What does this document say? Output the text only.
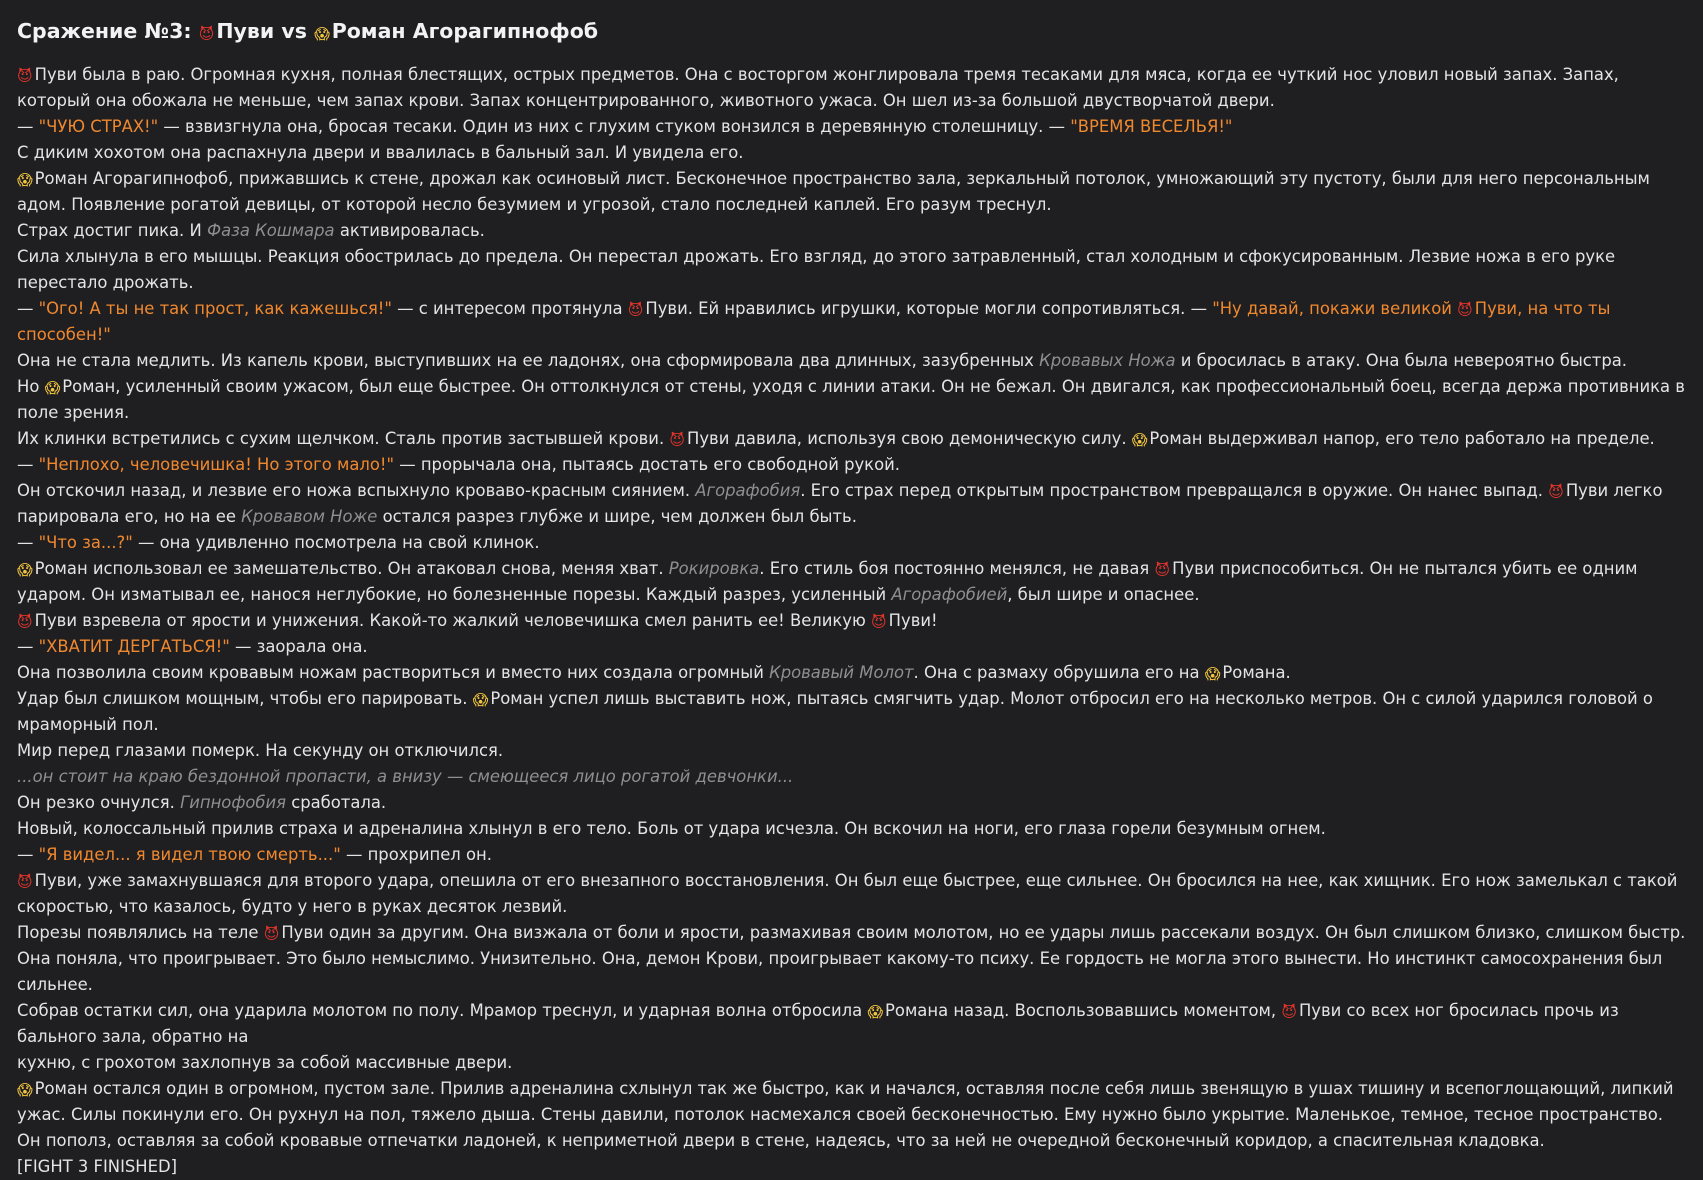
Сражение №3: 😈Пуви vs 😱Роман Агорагипнофоб

😈 Пуви была в раю. Огромная кухня, полная блестящих, острых предметов. Она с восторгом жонглировала тремя тесаками для мяса, когда ее чуткий нос уловил новый запах. Запах, который она обожала не меньше, чем запах крови. Запах концентрированного, животного ужаса. Он шел из-за большой двустворчатой двери.

— "ЧУЮ СТРАХ!" — взвизгнула она, бросая тесаки. Один из них с глухим стуком вонзился в деревянную столешницу. — "ВРЕМЯ ВЕСЕЛЬЯ!"

С диким хохотом она распахнула двери и ввалилась в бальный зал. И увидела его.

😱 Роман Агорагипнофоб, прижавшись к стене, дрожал как осиновый лист. Бесконечное пространство зала, зеркальный потолок, умножающий эту пустоту, были для него персональным адом. Появление рогатой девицы, от которой несло безумием и угрозой, стало последней каплей. Его разум треснул.

Страх достиг пика. И Фаза Кошмара активировалась.

Сила хлынула в его мышцы. Реакция обострилась до предела. Он перестал дрожать. Его взгляд, до этого затравленный, стал холодным и сфокусированным. Лезвие ножа в его руке перестало дрожать.

— "Ого! А ты не так прост, как кажешься!" — с интересом протянула 😈 Пуви. Ей нравились игрушки, которые могли сопротивляться. — "Ну давай, покажи великой 😈 Пуви, на что ты способен!"

Она не стала медлить. Из капель крови, выступивших на ее ладонях, она сформировала два длинных, зазубренных Кровавых Ножа и бросилась в атаку. Она была невероятно быстра.

Но 😱 Роман, усиленный своим ужасом, был еще быстрее. Он оттолкнулся от стены, уходя с линии атаки. Он не бежал. Он двигался, как профессиональный боец, всегда держа противника в поле зрения.

Их клинки встретились с сухим щелчком. Сталь против застывшей крови. 😈 Пуви давила, используя свою демоническую силу. 😱 Роман выдерживал напор, его тело работало на пределе.

— "Неплохо, человечишка! Но этого мало!" — прорычала она, пытаясь достать его свободной рукой.

Он отскочил назад, и лезвие его ножа вспыхнуло кроваво-красным сиянием. Агорафобия. Его страх перед открытым пространством превращался в оружие. Он нанес выпад. 😈 Пуви легко парировала его, но на ее Кровавом Ноже остался разрез глубже и шире, чем должен был быть.

— "Что за...?" — она удивленно посмотрела на свой клинок.

😱 Роман использовал ее замешательство. Он атаковал снова, меняя хват. Рокировка. Его стиль боя постоянно менялся, не давая 😈 Пуви приспособиться. Он не пытался убить ее одним ударом. Он изматывал ее, нанося неглубокие, но болезненные порезы. Каждый разрез, усиленный Агорафобией, был шире и опаснее.

😈 Пуви взревела от ярости и унижения. Какой-то жалкий человечишка смел ранить ее! Великую 😈 Пуви!

— "ХВАТИТ ДЕРГАТЬСЯ!" — заорала она.

Она позволила своим кровавым ножам раствориться и вместо них создала огромный Кровавый Молот. Она с размаху обрушила его на 😱 Романа.

Удар был слишком мощным, чтобы его парировать. 😱 Роман успел лишь выставить нож, пытаясь смягчить удар. Молот отбросил его на несколько метров. Он с силой ударился головой о мраморный пол.

Мир перед глазами померк. На секунду он отключился.

...он стоит на краю бездонной пропасти, а внизу — смеющееся лицо рогатой девчонки...

Он резко очнулся. Гипнофобия сработала.

Новый, колоссальный прилив страха и адреналина хлынул в его тело. Боль от удара исчезла. Он вскочил на ноги, его глаза горели безумным огнем.

— "Я видел... я видел твою смерть..." — прохрипел он.

😈 Пуви, уже замахнувшаяся для второго удара, опешила от его внезапного восстановления. Он был еще быстрее, еще сильнее. Он бросился на нее, как хищник. Его нож замелькал с такой скоростью, что казалось, будто у него в руках десяток лезвий.

Порезы появлялись на теле 😈 Пуви один за другим. Она визжала от боли и ярости, размахивая своим молотом, но ее удары лишь рассекали воздух. Он был слишком близко, слишком быстр.

Она поняла, что проигрывает. Это было немыслимо. Унизительно. Она, демон Крови, проигрывает какому-то психу. Ее гордость не могла этого вынести. Но инстинкт самосохранения был сильнее.

Собрав остатки сил, она ударила молотом по полу. Мрамор треснул, и ударная волна отбросила 😱 Романа назад. Воспользовавшись моментом, 😈 Пуви со всех ног бросилась прочь из бального зала, обратно на

кухню, с грохотом захлопнув за собой массивные двери.

😱 Роман остался один в огромном, пустом зале. Прилив адреналина схлынул так же быстро, как и начался, оставляя после себя лишь звенящую в ушах тишину и всепоглощающий, липкий ужас. Силы покинули его. Он рухнул на пол, тяжело дыша. Стены давили, потолок насмехался своей бесконечностью. Ему нужно было укрытие. Маленькое, темное, тесное пространство. Он пополз, оставляя за собой кровавые отпечатки ладоней, к неприметной двери в стене, надеясь, что за ней не очередной бесконечный коридор, а спасительная кладовка.

[FIGHT 3 FINISHED]
